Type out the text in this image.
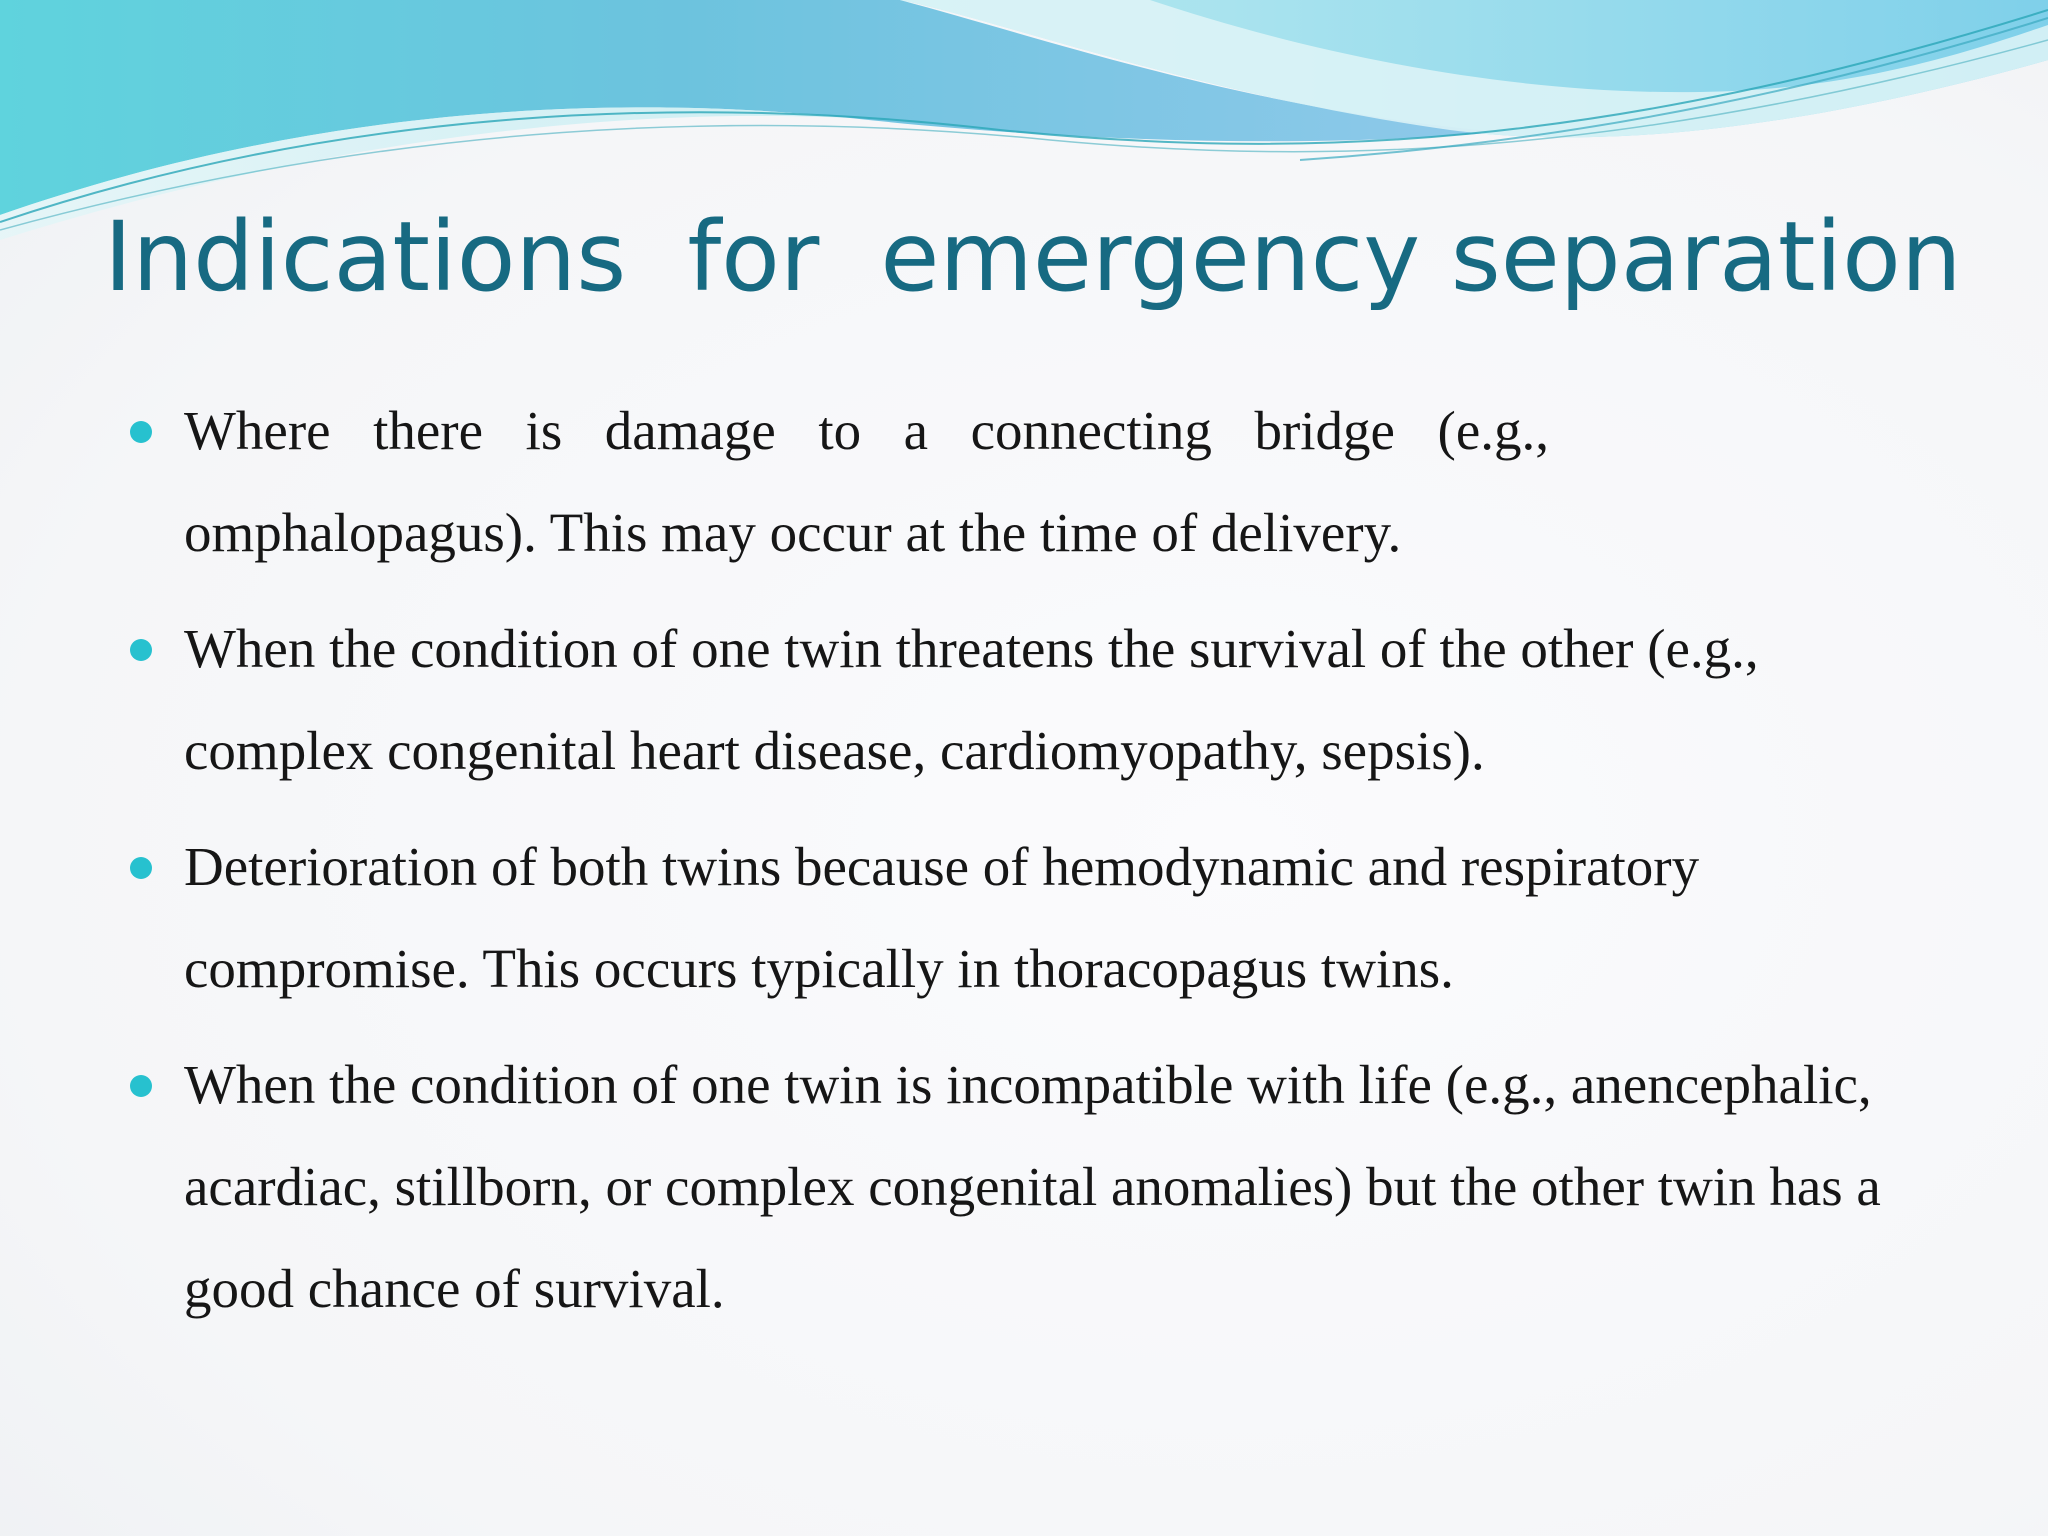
Indications  for  emergency separation
Where there is damage to a connecting bridge (e.g., omphalopagus). This may occur at the time of delivery.
When the condition of one twin threatens the survival of the other (e.g., complex congenital heart disease, cardiomyopathy, sepsis).
Deterioration of both twins because of hemodynamic and respiratory compromise. This occurs typically in thoracopagus twins.
When the condition of one twin is incompatible with life (e.g., anencephalic, acardiac, stillborn, or complex congenital anomalies) but the other twin has a good chance of survival.
